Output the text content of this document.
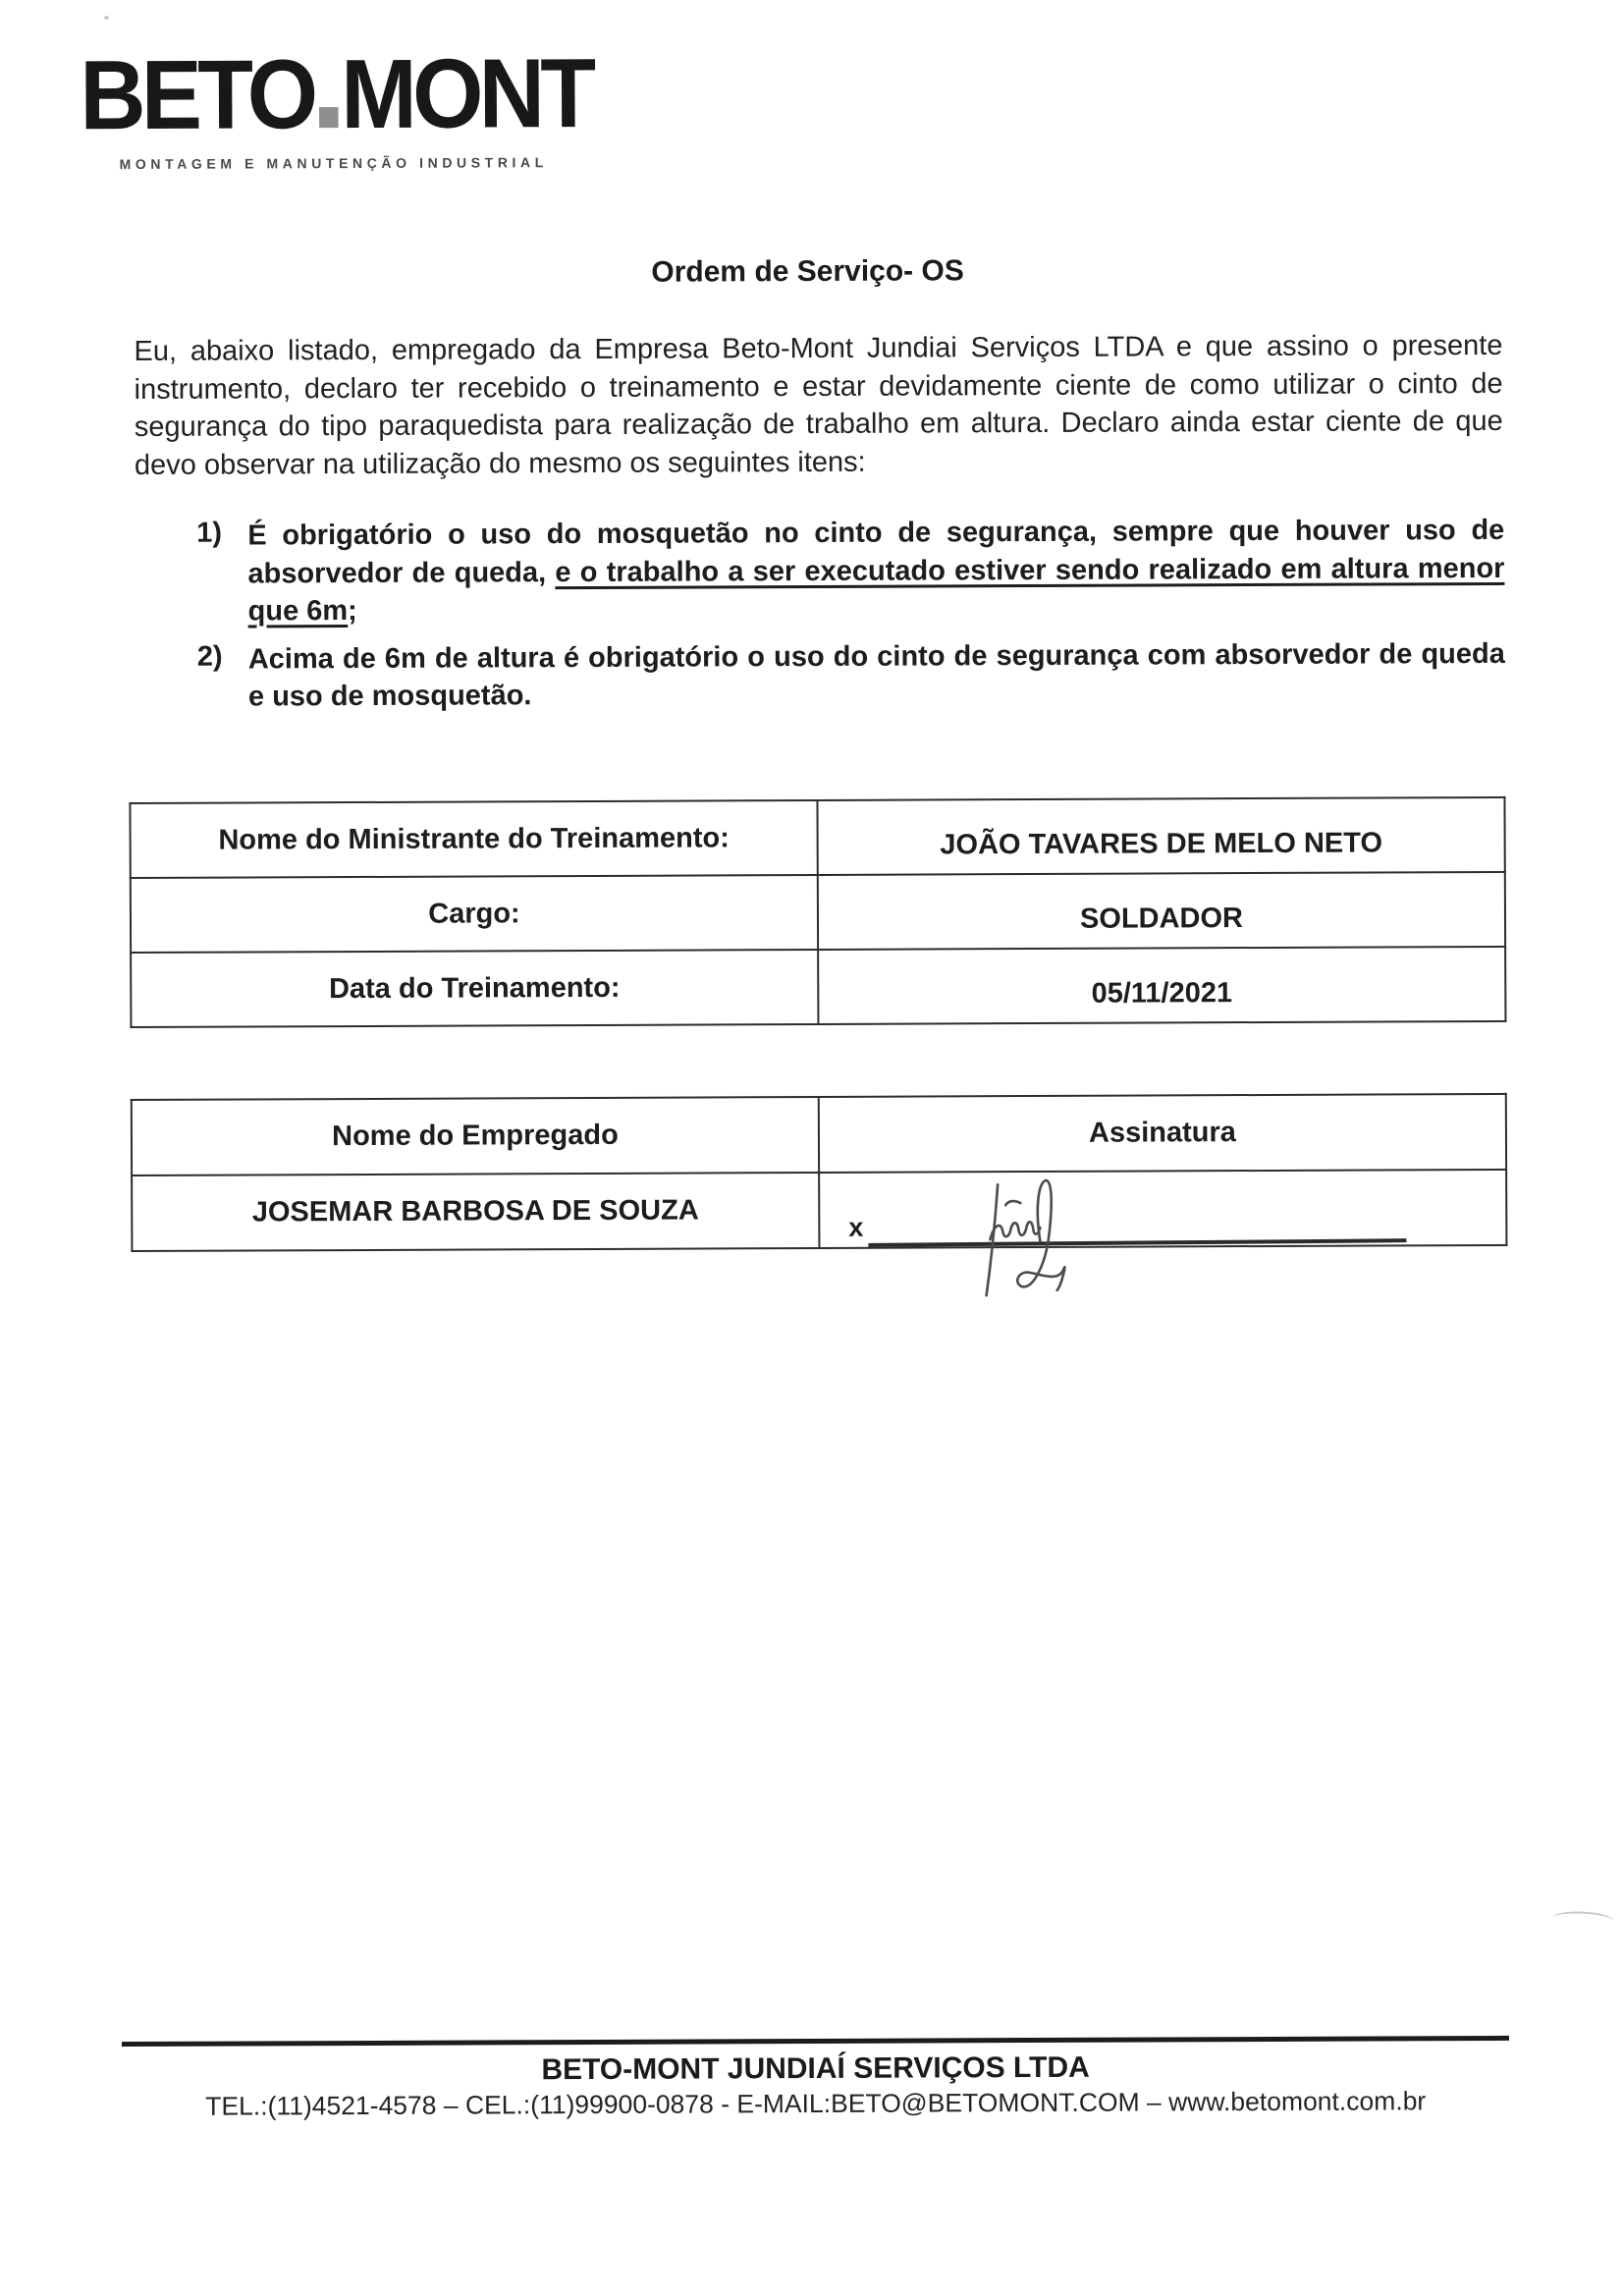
BETO MONT
MONTAGEM E MANUTENÇÃO INDUSTRIAL
Ordem de Serviço- OS
Eu, abaixo listado, empregado da Empresa Beto-Mont Jundiai Serviços LTDA e que assino o presente instrumento, declaro ter recebido o treinamento e estar devidamente ciente de como utilizar o cinto de segurança do tipo paraquedista para realização de trabalho em altura. Declaro ainda estar ciente de que devo observar na utilização do mesmo os seguintes itens:
1) É obrigatório o uso do mosquetão no cinto de segurança, sempre que houver uso de absorvedor de queda, e o trabalho a ser executado estiver sendo realizado em altura menor que 6m;
2) Acima de 6m de altura é obrigatório o uso do cinto de segurança com absorvedor de queda e uso de mosquetão.
Nome do Ministrante do Treinamento:	JOÃO TAVARES DE MELO NETO
Cargo:	SOLDADOR
Data do Treinamento:	05/11/2021
Nome do Empregado	Assinatura
JOSEMAR BARBOSA DE SOUZA		x
BETO-MONT JUNDIAÍ SERVIÇOS LTDA
TEL.:(11)4521-4578 – CEL.:(11)99900-0878 - E-MAIL:BETO@BETOMONT.COM – www.betomont.com.br
